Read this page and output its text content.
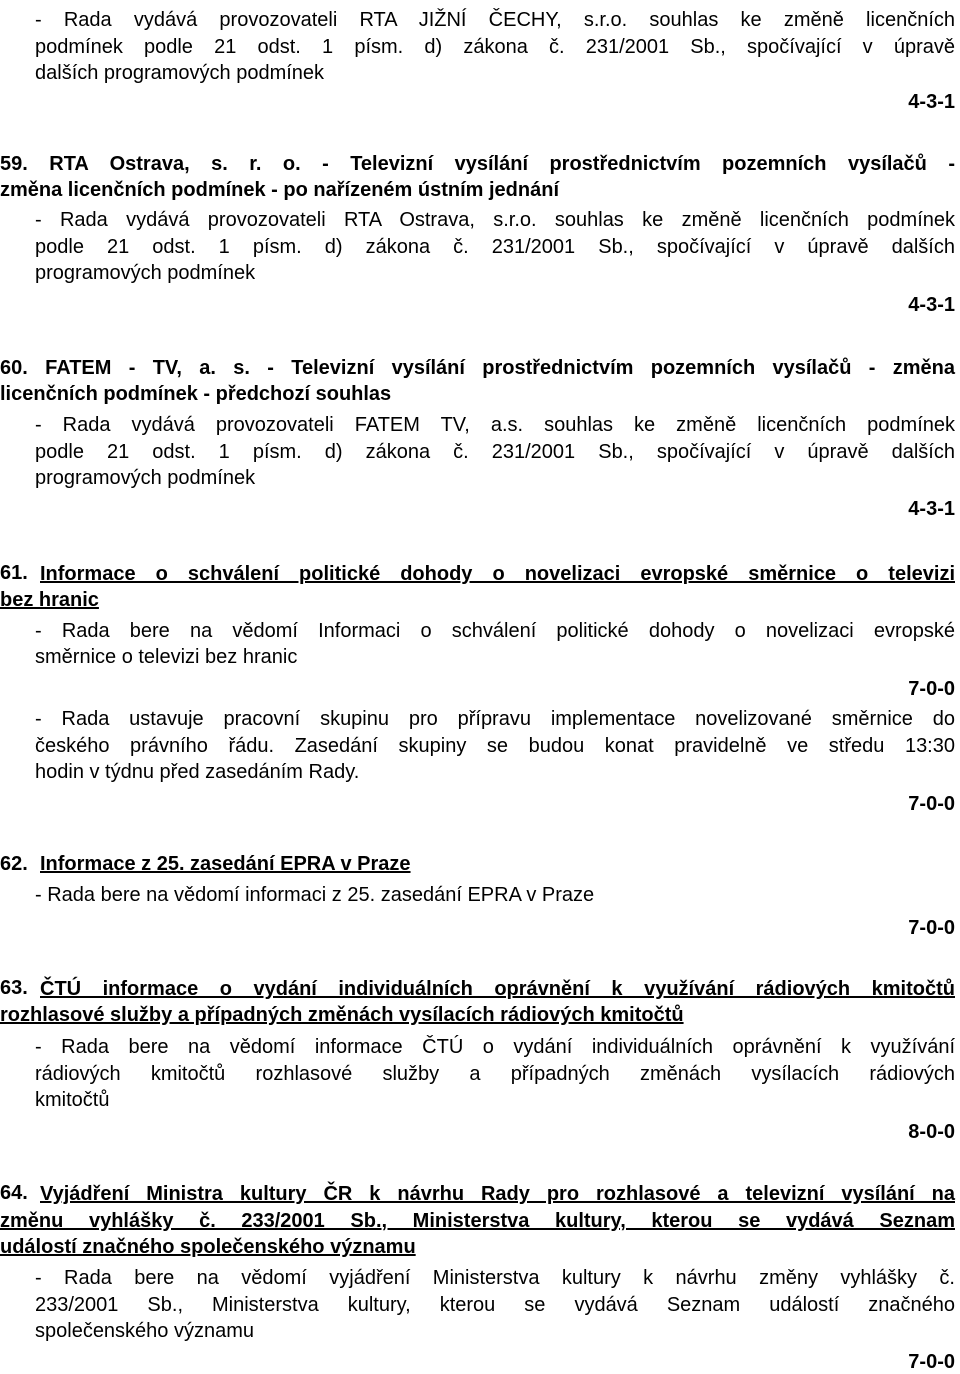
- Rada vydává provozovateli RTA JIŽNÍ ČECHY, s.r.o. souhlas ke změně licenčních
podmínek podle 21 odst. 1 písm. d) zákona č. 231/2001 Sb., spočívající v úpravě
dalších programových podmínek
4-3-1
59. RTA Ostrava, s. r. o. - Televizní vysílání prostřednictvím pozemních vysílačů -
změna licenčních podmínek - po nařízeném ústním jednání
- Rada vydává provozovateli RTA Ostrava, s.r.o. souhlas ke změně licenčních podmínek
podle 21 odst. 1 písm. d) zákona č. 231/2001 Sb., spočívající v úpravě dalších
programových podmínek
4-3-1
60. FATEM - TV, a. s. - Televizní vysílání prostřednictvím pozemních vysílačů - změna
licenčních podmínek - předchozí souhlas
- Rada vydává provozovateli FATEM TV, a.s. souhlas ke změně licenčních podmínek
podle 21 odst. 1 písm. d) zákona č. 231/2001 Sb., spočívající v úpravě dalších
programových podmínek
4-3-1
61. Informace o schválení politické dohody o novelizaci evropské směrnice o televizi
bez hranic
- Rada bere na vědomí Informaci o schválení politické dohody o novelizaci evropské
směrnice o televizi bez hranic
7-0-0
- Rada ustavuje pracovní skupinu pro přípravu implementace novelizované směrnice do
českého právního řádu. Zasedání skupiny se budou konat pravidelně ve středu 13:30
hodin v týdnu před zasedáním Rady.
7-0-0
62. Informace z 25. zasedání EPRA v Praze
- Rada bere na vědomí informaci z 25. zasedání EPRA v Praze
7-0-0
63. ČTÚ informace o vydání individuálních oprávnění k využívání rádiových kmitočtů
rozhlasové služby a případných změnách vysílacích rádiových kmitočtů
- Rada bere na vědomí informace ČTÚ o vydání individuálních oprávnění k využívání
rádiových kmitočtů rozhlasové služby a případných změnách vysílacích rádiových
kmitočtů
8-0-0
64. Vyjádření Ministra kultury ČR k návrhu Rady pro rozhlasové a televizní vysílání na
změnu vyhlášky č. 233/2001 Sb., Ministerstva kultury, kterou se vydává Seznam
událostí značného společenského významu
- Rada bere na vědomí vyjádření Ministerstva kultury k návrhu změny vyhlášky č.
233/2001 Sb., Ministerstva kultury, kterou se vydává Seznam událostí značného
společenského významu
7-0-0
